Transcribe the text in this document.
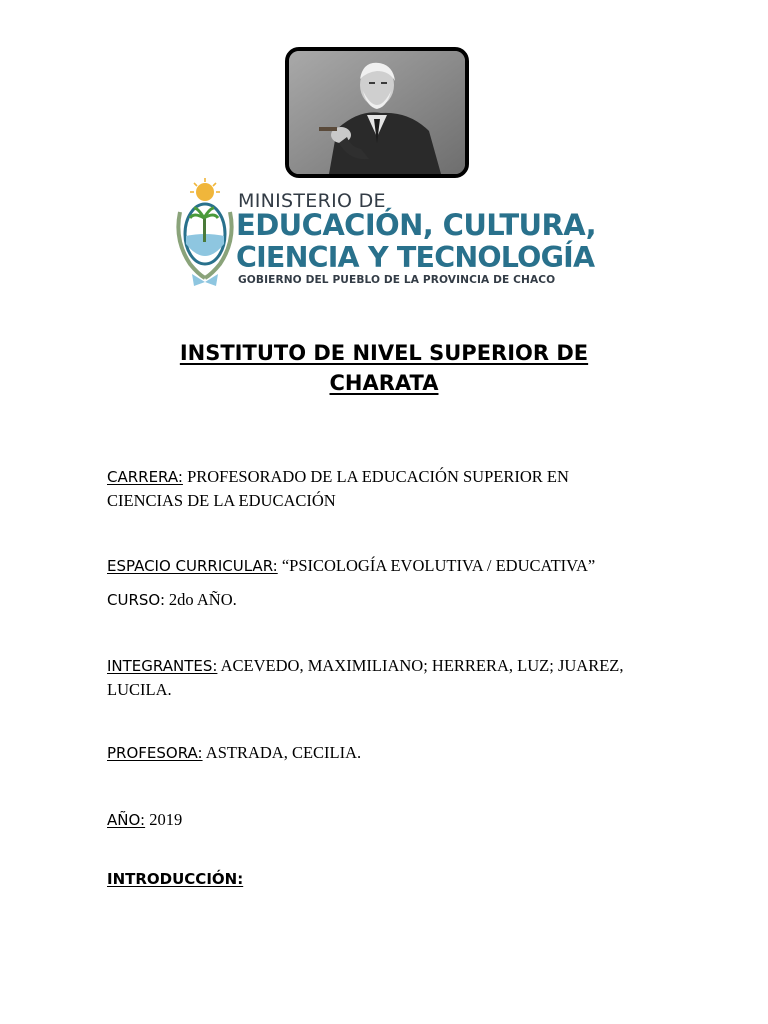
MINISTERIO DE
EDUCACIÓN, CULTURA,
CIENCIA Y TECNOLOGÍA
GOBIERNO DEL PUEBLO DE LA PROVINCIA DE CHACO
INSTITUTO DE NIVEL SUPERIOR DE
CHARATA
CARRERA: PROFESORADO DE LA EDUCACIÓN SUPERIOR EN CIENCIAS DE LA EDUCACIÓN
ESPACIO CURRICULAR: “PSICOLOGÍA EVOLUTIVA / EDUCATIVA”
CURSO: 2do AÑO.
INTEGRANTES: ACEVEDO, MAXIMILIANO; HERRERA, LUZ; JUAREZ, LUCILA.
PROFESORA: ASTRADA, CECILIA.
AÑO: 2019
INTRODUCCIÓN:
